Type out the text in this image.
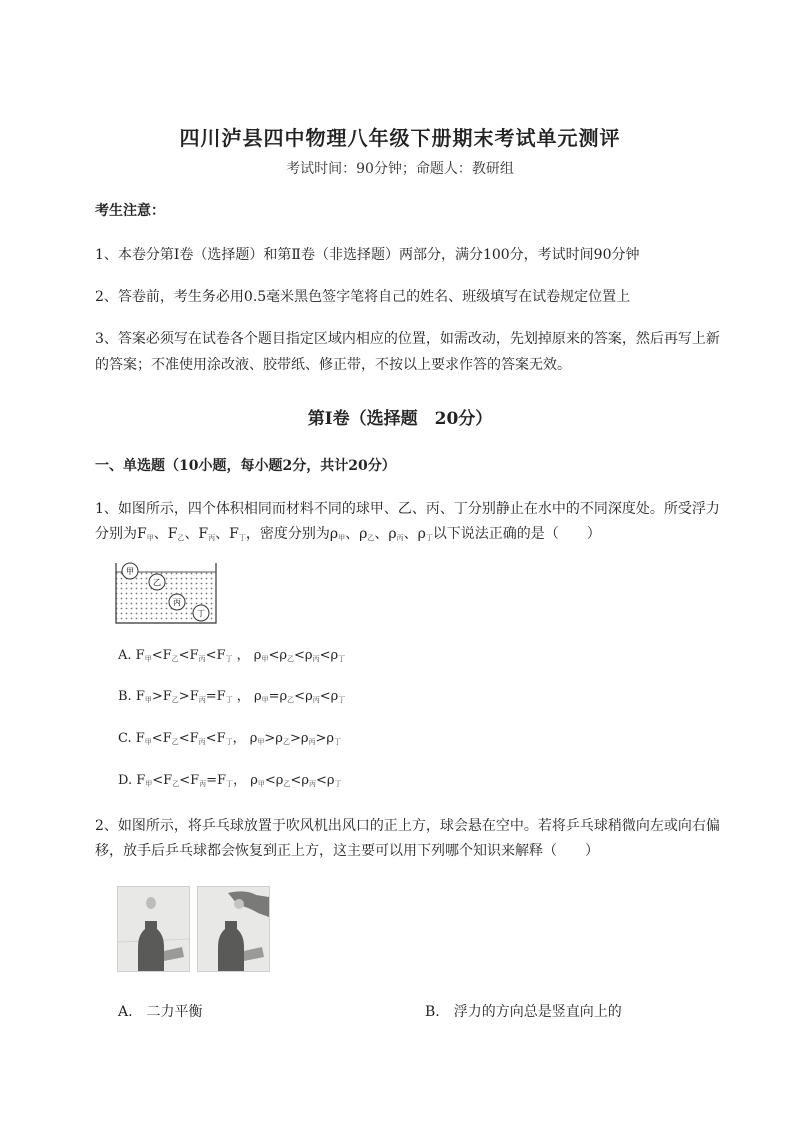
四川泸县四中物理八年级下册期末考试单元测评
考试时间：90分钟；命题人：教研组
考生注意：
1、本卷分第I卷（选择题）和第Ⅱ卷（非选择题）两部分，满分100分，考试时间90分钟
2、答卷前，考生务必用0.5毫米黑色签字笔将自己的姓名、班级填写在试卷规定位置上
3、答案必须写在试卷各个题目指定区域内相应的位置，如需改动，先划掉原来的答案，然后再写上新
的答案；不准使用涂改液、胶带纸、修正带，不按以上要求作答的答案无效。
第I卷（选择题　20分）
一、单选题（10小题，每小题2分，共计20分）
1、如图所示，四个体积相同而材料不同的球甲、乙、丙、丁分别静止在水中的不同深度处。所受浮力
分别为$F_甲$、$F_乙$、$F_丙$、$F_丁$，密度分别为$\rho_甲$、$\rho_乙$、$\rho_丙$、$\rho_丁$以下说法正确的是（　　）
甲
乙
丙
丁
A. $F_甲<F_乙<F_丙<F_丁$ ， $\rho_甲<\rho_乙<\rho_丙<\rho_丁$
B. $F_甲>F_乙>F_丙=F_丁$ ， $\rho_甲=\rho_乙<\rho_丙<\rho_丁$
C. $F_甲<F_乙<F_丙<F_丁$， $\rho_甲>\rho_乙>\rho_丙>\rho_丁$
D. $F_甲<F_乙<F_丙=F_丁$， $\rho_甲<\rho_乙<\rho_丙<\rho_丁$
2、如图所示，将乒乓球放置于吹风机出风口的正上方，球会悬在空中。若将乒乓球稍微向左或向右偏
移，放手后乒乓球都会恢复到正上方，这主要可以用下列哪个知识来解释（　　）
A.　二力平衡	B.　浮力的方向总是竖直向上的
